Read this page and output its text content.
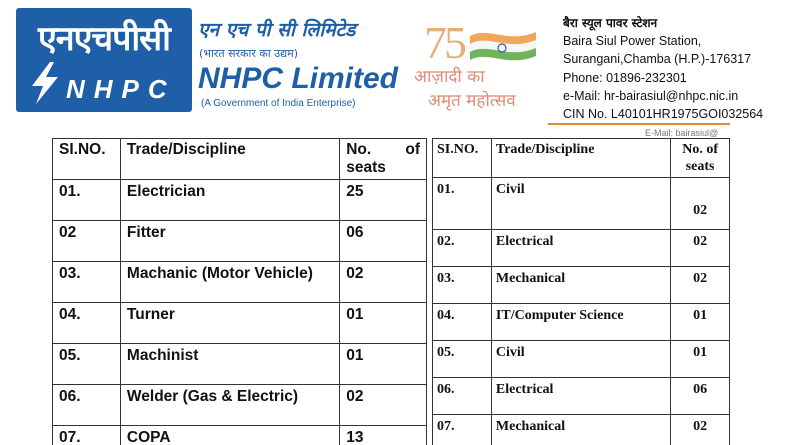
एनएचपीसी
NHPC
एन एच पी सी लिमिटेड
(भारत सरकार का उद्यम)
NHPC Limited
(A Government of India Enterprise)
75
आज़ादी का
अमृत महोत्सव
बैरा स्यूल पावर स्टेशन
Baira Siul Power Station,
Surangani,Chamba (H.P.)-176317
Phone: 01896-232301
e-Mail: hr-bairasiul@nhpc.nic.in
CIN No. L40101HR1975GOI032564
E-Mail: bairasiul@
SI.NO.	Trade/Discipline	No. of
seats

01.	Electrician	25
02	Fitter	06
03.	Machanic (Motor Vehicle)	02
04.	Turner	01
05.	Machinist	01
06.	Welder (Gas & Electric)	02
07.	COPA	13
SI.NO.	Trade/Discipline	No. of
seats

01.	Civil	02
02.	Electrical	02
03.	Mechanical	02
04.	IT/Computer Science	01
05.	Civil	01
06.	Electrical	06
07.	Mechanical	02
